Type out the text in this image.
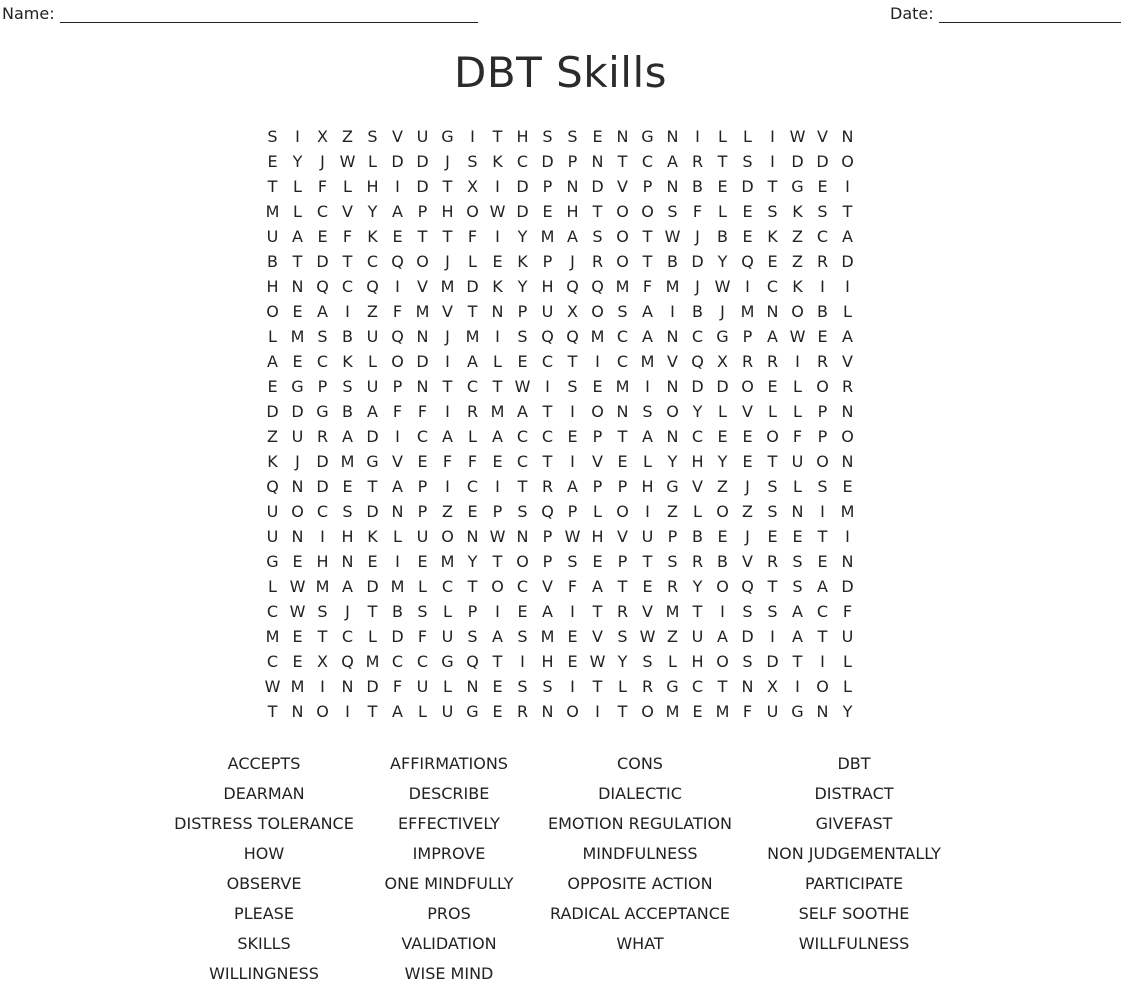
Name:	Date:
DBT Skills
S	I	X Z S V U G	I	T H S S E N G N	I	L	L	I W V N
E Y	J W L D D	J	S K C D P N T C A R T S	I	D D O
T L F L H	I	D T X	I	D P N D V P N B E D T G E	I
M L C V Y A P H O W D E H T O O S F L E S K S T
U A E F K E T T F	I	Y M A S O T W J	B E K Z C A
B T D T C Q O	J	L E K P	J	R O T B D Y Q E Z R D
H N Q C Q	I	V M D K Y H Q Q M F M J W I	C K	I	I
O E A	I	Z F M V T N P U X O S A	I	B	J M N O B L
L M S B U Q N	J M I	S Q Q M C A N C G P A W E A
A E C K L O D	I	A L E C T	I	C M V Q X R R	I	R V
E G P S U P N T C T W I	S E M I	N D D O E L O R
D D G B A F F	I	R M A T	I	O N S O Y L V L	L P N
Z U R A D	I	C A L A C C E P T A N C E E O F P O
K	J	D M G V E F F E C T	I	V E L Y H Y E T U O N
Q N D E T A P	I	C	I	T R A P P H G V Z	J	S L S E
U O C S D N P Z E P S Q P L O	I	Z L O Z S N	I M
U N	I	H K L U O N W N P W H V U P B E	J	E E T	I
G E H N E	I	E M Y T O P S E P T S R B V R S E N
L W M A D M L C T O C V F A T E R Y O Q T S A D
C W S	J	T B S L P	I	E A	I	T R V M T	I	S S A C F
M E T C L D F U S A S M E V S W Z U A D	I	A T U
C E X Q M C C G Q T	I	H E W Y S L H O S D T	I	L
W M I	N D F U L N E S S	I	T L R G C T N X	I	O L
T N O	I	T A L U G E R N O	I	T O M E M F U G N Y
ACCEPTS	AFFIRMATIONS	CONS	DBT
DEARMAN	DESCRIBE	DIALECTIC	DISTRACT
DISTRESS TOLERANCE	EFFECTIVELY	EMOTION REGULATION	GIVEFAST
HOW	IMPROVE	MINDFULNESS	NON JUDGEMENTALLY
OBSERVE	ONE MINDFULLY	OPPOSITE ACTION	PARTICIPATE
PLEASE	PROS	RADICAL ACCEPTANCE	SELF SOOTHE
SKILLS	VALIDATION	WHAT	WILLFULNESS
WILLINGNESS	WISE MIND
